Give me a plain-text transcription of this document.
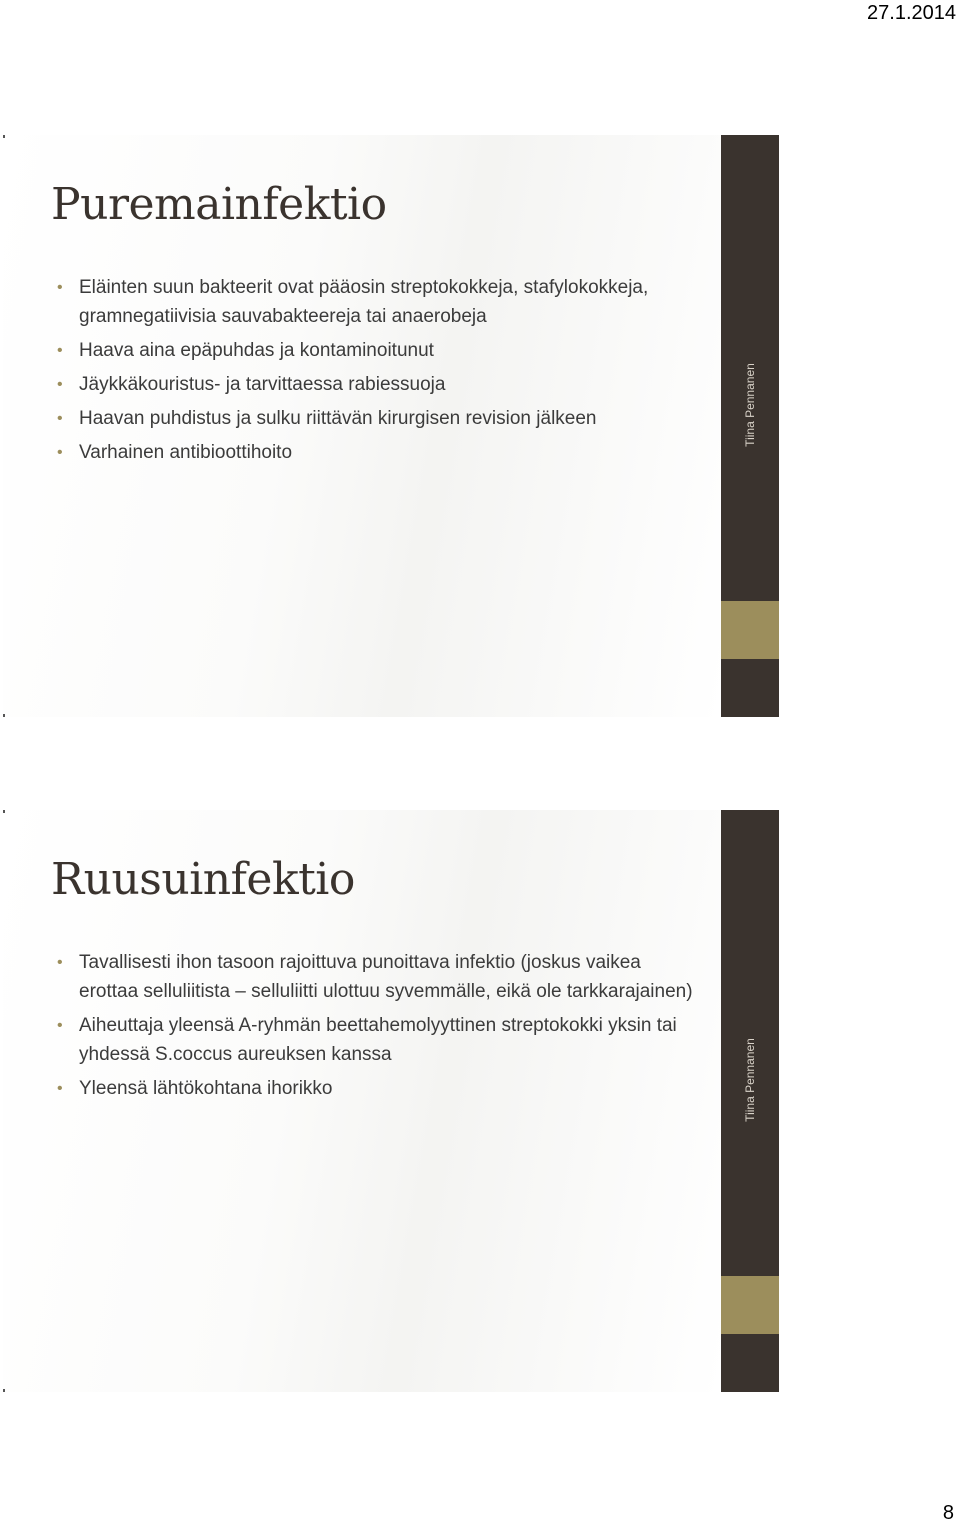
27.1.2014
Tiina Pennanen
Puremainfektio
• Eläinten suun bakteerit ovat pääosin streptokokkeja, stafylokokkeja, gramnegatiivisia sauvabakteereja tai anaerobeja
• Haava aina epäpuhdas ja kontaminoitunut
• Jäykkäkouristus- ja tarvittaessa rabiessuoja
• Haavan puhdistus ja sulku riittävän kirurgisen revision jälkeen
• Varhainen antibioottihoito
Tiina Pennanen
Ruusuinfektio
• Tavallisesti ihon tasoon rajoittuva punoittava infektio (joskus vaikea erottaa selluliitista – selluliitti ulottuu syvemmälle, eikä ole tarkkarajainen)
• Aiheuttaja yleensä A-ryhmän beettahemolyyttinen streptokokki yksin tai yhdessä S.coccus aureuksen kanssa
• Yleensä lähtökohtana ihorikko
8
